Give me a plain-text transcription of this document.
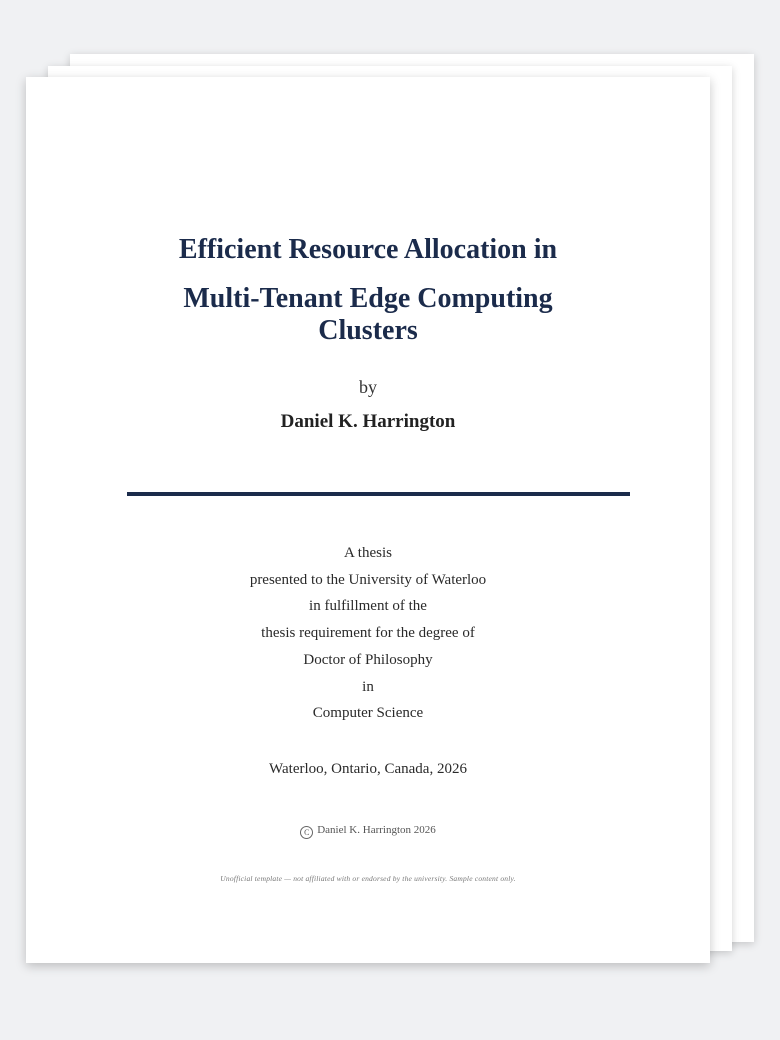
Efficient Resource Allocation in
Multi-Tenant Edge Computing Clusters
by
Daniel K. Harrington
A thesis
presented to the University of Waterloo
in fulfillment of the
thesis requirement for the degree of
Doctor of Philosophy
in
Computer Science
Waterloo, Ontario, Canada, 2026
C Daniel K. Harrington 2026
Unofficial template — not affiliated with or endorsed by the university. Sample content only.
